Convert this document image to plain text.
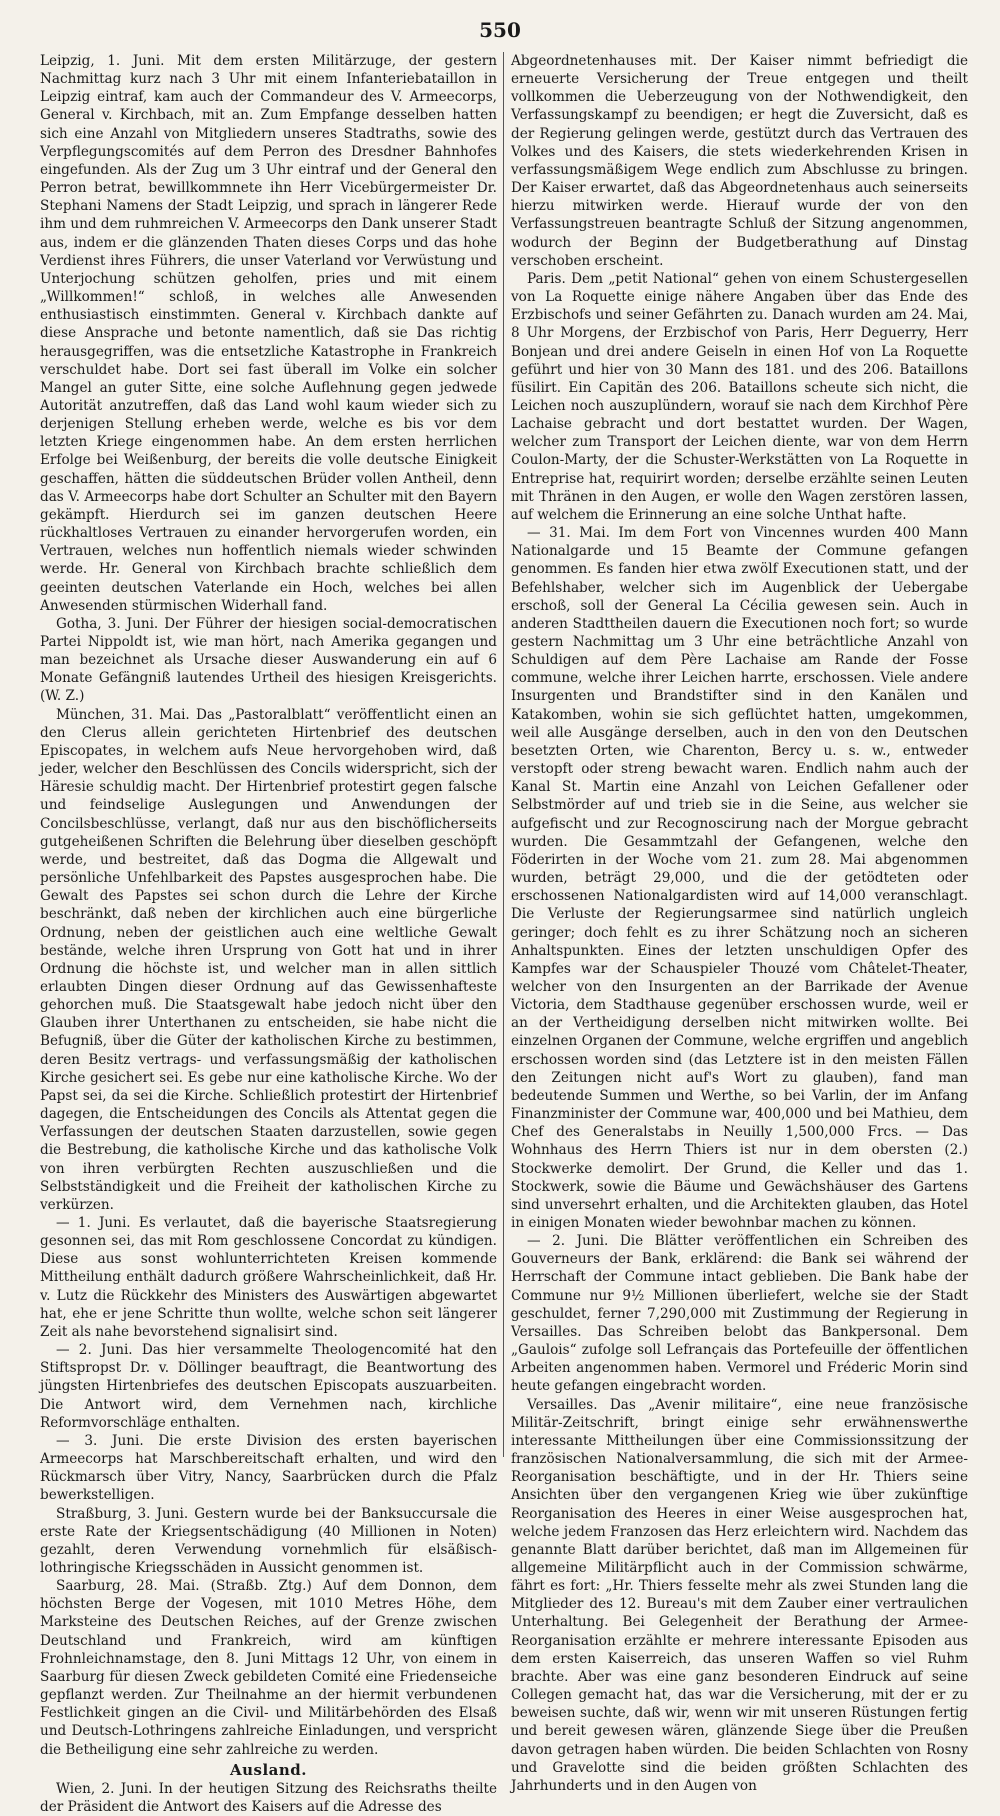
550

Leipzig, 1. Juni. Mit dem ersten Militärzuge, der gestern Nachmittag kurz nach 3 Uhr mit einem Infanteriebataillon in Leipzig eintraf, kam auch der Commandeur des V. Armeecorps, General v. Kirchbach, mit an. Zum Empfange desselben hatten sich eine Anzahl von Mitgliedern unseres Stadtraths, sowie des Verpflegungscomités auf dem Perron des Dresdner Bahnhofes eingefunden. Als der Zug um 3 Uhr eintraf und der General den Perron betrat, bewillkommnete ihn Herr Vicebürgermeister Dr. Stephani Namens der Stadt Leipzig, und sprach in längerer Rede ihm und dem ruhmreichen V. Armeecorps den Dank unserer Stadt aus, indem er die glänzenden Thaten dieses Corps und das hohe Verdienst ihres Führers, die unser Vaterland vor Verwüstung und Unterjochung schützen geholfen, pries und mit einem „Willkommen!“ schloß, in welches alle Anwesenden enthusiastisch einstimmten. General v. Kirchbach dankte auf diese Ansprache und betonte namentlich, daß sie Das richtig herausgegriffen, was die entsetzliche Katastrophe in Frankreich verschuldet habe. Dort sei fast überall im Volke ein solcher Mangel an guter Sitte, eine solche Auflehnung gegen jedwede Autorität anzutreffen, daß das Land wohl kaum wieder sich zu derjenigen Stellung erheben werde, welche es bis vor dem letzten Kriege eingenommen habe. An dem ersten herrlichen Erfolge bei Weißenburg, der bereits die volle deutsche Einigkeit geschaffen, hätten die süddeutschen Brüder vollen Antheil, denn das V. Armeecorps habe dort Schulter an Schulter mit den Bayern gekämpft. Hierdurch sei im ganzen deutschen Heere rückhaltloses Vertrauen zu einander hervorgerufen worden, ein Vertrauen, welches nun hoffentlich niemals wieder schwinden werde. Hr. General von Kirchbach brachte schließlich dem geeinten deutschen Vaterlande ein Hoch, welches bei allen Anwesenden stürmischen Widerhall fand.

Gotha, 3. Juni. Der Führer der hiesigen social-democratischen Partei Nippoldt ist, wie man hört, nach Amerika gegangen und man bezeichnet als Ursache dieser Auswanderung ein auf 6 Monate Gefängniß lautendes Urtheil des hiesigen Kreisgerichts. (W. Z.)

München, 31. Mai. Das „Pastoralblatt“ veröffentlicht einen an den Clerus allein gerichteten Hirtenbrief des deutschen Episcopates, in welchem aufs Neue hervorgehoben wird, daß jeder, welcher den Beschlüssen des Concils widerspricht, sich der Häresie schuldig macht. Der Hirtenbrief protestirt gegen falsche und feindselige Auslegungen und Anwendungen der Concilsbeschlüsse, verlangt, daß nur aus den bischöflicherseits gutgeheißenen Schriften die Belehrung über dieselben geschöpft werde, und bestreitet, daß das Dogma die Allgewalt und persönliche Unfehlbarkeit des Papstes ausgesprochen habe. Die Gewalt des Papstes sei schon durch die Lehre der Kirche beschränkt, daß neben der kirchlichen auch eine bürgerliche Ordnung, neben der geistlichen auch eine weltliche Gewalt bestände, welche ihren Ursprung von Gott hat und in ihrer Ordnung die höchste ist, und welcher man in allen sittlich erlaubten Dingen dieser Ordnung auf das Gewissenhafteste gehorchen muß. Die Staatsgewalt habe jedoch nicht über den Glauben ihrer Unterthanen zu entscheiden, sie habe nicht die Befugniß, über die Güter der katholischen Kirche zu bestimmen, deren Besitz vertrags- und verfassungsmäßig der katholischen Kirche gesichert sei. Es gebe nur eine katholische Kirche. Wo der Papst sei, da sei die Kirche. Schließlich protestirt der Hirtenbrief dagegen, die Entscheidungen des Concils als Attentat gegen die Verfassungen der deutschen Staaten darzustellen, sowie gegen die Bestrebung, die katholische Kirche und das katholische Volk von ihren verbürgten Rechten auszuschließen und die Selbstständigkeit und die Freiheit der katholischen Kirche zu verkürzen.

— 1. Juni. Es verlautet, daß die bayerische Staatsregierung gesonnen sei, das mit Rom geschlossene Concordat zu kündigen. Diese aus sonst wohlunterrichteten Kreisen kommende Mittheilung enthält dadurch größere Wahrscheinlichkeit, daß Hr. v. Lutz die Rückkehr des Ministers des Auswärtigen abgewartet hat, ehe er jene Schritte thun wollte, welche schon seit längerer Zeit als nahe bevorstehend signalisirt sind.

— 2. Juni. Das hier versammelte Theologencomité hat den Stiftspropst Dr. v. Döllinger beauftragt, die Beantwortung des jüngsten Hirtenbriefes des deutschen Episcopats auszuarbeiten. Die Antwort wird, dem Vernehmen nach, kirchliche Reformvorschläge enthalten.

— 3. Juni. Die erste Division des ersten bayerischen Armeecorps hat Marschbereitschaft erhalten, und wird den Rückmarsch über Vitry, Nancy, Saarbrücken durch die Pfalz bewerkstelligen.

Straßburg, 3. Juni. Gestern wurde bei der Banksuccursale die erste Rate der Kriegsentschädigung (40 Millionen in Noten) gezahlt, deren Verwendung vornehmlich für elsäßisch-lothringische Kriegsschäden in Aussicht genommen ist.

Saarburg, 28. Mai. (Straßb. Ztg.) Auf dem Donnon, dem höchsten Berge der Vogesen, mit 1010 Metres Höhe, dem Marksteine des Deutschen Reiches, auf der Grenze zwischen Deutschland und Frankreich, wird am künftigen Frohnleichnamstage, den 8. Juni Mittags 12 Uhr, von einem in Saarburg für diesen Zweck gebildeten Comité eine Friedenseiche gepflanzt werden. Zur Theilnahme an der hiermit verbundenen Festlichkeit gingen an die Civil- und Militärbehörden des Elsaß und Deutsch-Lothringens zahlreiche Einladungen, und verspricht die Betheiligung eine sehr zahlreiche zu werden.

Ausland.

Wien, 2. Juni. In der heutigen Sitzung des Reichsraths theilte der Präsident die Antwort des Kaisers auf die Adresse des

Abgeordnetenhauses mit. Der Kaiser nimmt befriedigt die erneuerte Versicherung der Treue entgegen und theilt vollkommen die Ueberzeugung von der Nothwendigkeit, den Verfassungskampf zu beendigen; er hegt die Zuversicht, daß es der Regierung gelingen werde, gestützt durch das Vertrauen des Volkes und des Kaisers, die stets wiederkehrenden Krisen in verfassungsmäßigem Wege endlich zum Abschlusse zu bringen. Der Kaiser erwartet, daß das Abgeordnetenhaus auch seinerseits hierzu mitwirken werde. Hierauf wurde der von den Verfassungstreuen beantragte Schluß der Sitzung angenommen, wodurch der Beginn der Budgetberathung auf Dinstag verschoben erscheint.

Paris. Dem „petit National“ gehen von einem Schustergesellen von La Roquette einige nähere Angaben über das Ende des Erzbischofs und seiner Gefährten zu. Danach wurden am 24. Mai, 8 Uhr Morgens, der Erzbischof von Paris, Herr Deguerry, Herr Bonjean und drei andere Geiseln in einen Hof von La Roquette geführt und hier von 30 Mann des 181. und des 206. Bataillons füsilirt. Ein Capitän des 206. Bataillons scheute sich nicht, die Leichen noch auszuplündern, worauf sie nach dem Kirchhof Père Lachaise gebracht und dort bestattet wurden. Der Wagen, welcher zum Transport der Leichen diente, war von dem Herrn Coulon-Marty, der die Schuster-Werkstätten von La Roquette in Entreprise hat, requirirt worden; derselbe erzählte seinen Leuten mit Thränen in den Augen, er wolle den Wagen zerstören lassen, auf welchem die Erinnerung an eine solche Unthat hafte.

— 31. Mai. Im dem Fort von Vincennes wurden 400 Mann Nationalgarde und 15 Beamte der Commune gefangen genommen. Es fanden hier etwa zwölf Executionen statt, und der Befehlshaber, welcher sich im Augenblick der Uebergabe erschoß, soll der General La Cécilia gewesen sein. Auch in anderen Stadttheilen dauern die Executionen noch fort; so wurde gestern Nachmittag um 3 Uhr eine beträchtliche Anzahl von Schuldigen auf dem Père Lachaise am Rande der Fosse commune, welche ihrer Leichen harrte, erschossen. Viele andere Insurgenten und Brandstifter sind in den Kanälen und Katakomben, wohin sie sich geflüchtet hatten, umgekommen, weil alle Ausgänge derselben, auch in den von den Deutschen besetzten Orten, wie Charenton, Bercy u. s. w., entweder verstopft oder streng bewacht waren. Endlich nahm auch der Kanal St. Martin eine Anzahl von Leichen Gefallener oder Selbstmörder auf und trieb sie in die Seine, aus welcher sie aufgefischt und zur Recognoscirung nach der Morgue gebracht wurden. Die Gesammtzahl der Gefangenen, welche den Föderirten in der Woche vom 21. zum 28. Mai abgenommen wurden, beträgt 29,000, und die der getödteten oder erschossenen Nationalgardisten wird auf 14,000 veranschlagt. Die Verluste der Regierungsarmee sind natürlich ungleich geringer; doch fehlt es zu ihrer Schätzung noch an sicheren Anhaltspunkten. Eines der letzten unschuldigen Opfer des Kampfes war der Schauspieler Thouzé vom Châtelet-Theater, welcher von den Insurgenten an der Barrikade der Avenue Victoria, dem Stadthause gegenüber erschossen wurde, weil er an der Vertheidigung derselben nicht mitwirken wollte. Bei einzelnen Organen der Commune, welche ergriffen und angeblich erschossen worden sind (das Letztere ist in den meisten Fällen den Zeitungen nicht auf's Wort zu glauben), fand man bedeutende Summen und Werthe, so bei Varlin, der im Anfang Finanzminister der Commune war, 400,000 und bei Mathieu, dem Chef des Generalstabs in Neuilly 1,500,000 Frcs. — Das Wohnhaus des Herrn Thiers ist nur in dem obersten (2.) Stockwerke demolirt. Der Grund, die Keller und das 1. Stockwerk, sowie die Bäume und Gewächshäuser des Gartens sind unversehrt erhalten, und die Architekten glauben, das Hotel in einigen Monaten wieder bewohnbar machen zu können.

— 2. Juni. Die Blätter veröffentlichen ein Schreiben des Gouverneurs der Bank, erklärend: die Bank sei während der Herrschaft der Commune intact geblieben. Die Bank habe der Commune nur 9½ Millionen überliefert, welche sie der Stadt geschuldet, ferner 7,290,000 mit Zustimmung der Regierung in Versailles. Das Schreiben belobt das Bankpersonal. Dem „Gaulois“ zufolge soll Lefrançais das Portefeuille der öffentlichen Arbeiten angenommen haben. Vermorel und Fréderic Morin sind heute gefangen eingebracht worden.

Versailles. Das „Avenir militaire“, eine neue französische Militär-Zeitschrift, bringt einige sehr erwähnenswerthe interessante Mittheilungen über eine Commissionssitzung der französischen Nationalversammlung, die sich mit der Armee-Reorganisation beschäftigte, und in der Hr. Thiers seine Ansichten über den vergangenen Krieg wie über zukünftige Reorganisation des Heeres in einer Weise ausgesprochen hat, welche jedem Franzosen das Herz erleichtern wird. Nachdem das genannte Blatt darüber berichtet, daß man im Allgemeinen für allgemeine Militärpflicht auch in der Commission schwärme, fährt es fort: „Hr. Thiers fesselte mehr als zwei Stunden lang die Mitglieder des 12. Bureau's mit dem Zauber einer vertraulichen Unterhaltung. Bei Gelegenheit der Berathung der Armee-Reorganisation erzählte er mehrere interessante Episoden aus dem ersten Kaiserreich, das unseren Waffen so viel Ruhm brachte. Aber was eine ganz besonderen Eindruck auf seine Collegen gemacht hat, das war die Versicherung, mit der er zu beweisen suchte, daß wir, wenn wir mit unseren Rüstungen fertig und bereit gewesen wären, glänzende Siege über die Preußen davon getragen haben würden. Die beiden Schlachten von Rosny und Gravelotte sind die beiden größten Schlachten des Jahrhunderts und in den Augen von
